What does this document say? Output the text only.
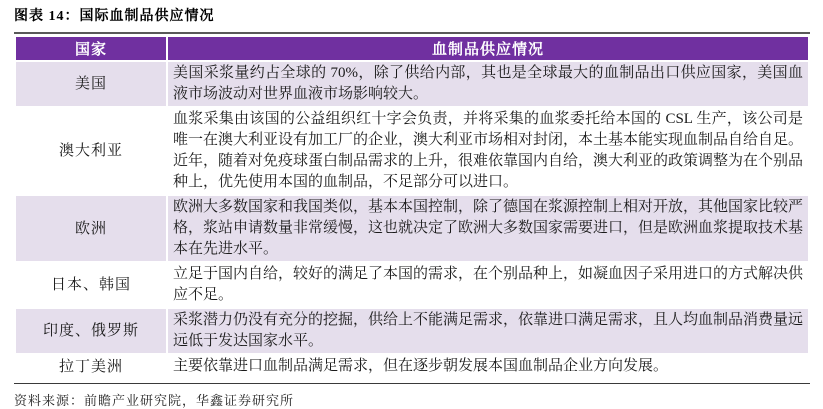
图表 14：国际血制品供应情况
国家	血制品供应情况
美国	美国采浆量约占全球的 70%，除了供给内部，其也是全球最大的血制品出口供应国家，美国血液市场波动对世界血液市场影响较大。
澳大利亚	血浆采集由该国的公益组织红十字会负责，并将采集的血浆委托给本国的 CSL 生产，该公司是唯一在澳大利亚设有加工厂的企业，澳大利亚市场相对封闭，本土基本能实现血制品自给自足。近年，随着对免疫球蛋白制品需求的上升，很难依靠国内自给，澳大利亚的政策调整为在个别品种上，优先使用本国的血制品，不足部分可以进口。
欧洲	欧洲大多数国家和我国类似，基本本国控制，除了德国在浆源控制上相对开放，其他国家比较严格，浆站申请数量非常缓慢，这也就决定了欧洲大多数国家需要进口，但是欧洲血浆提取技术基本在先进水平。
日本、韩国	立足于国内自给，较好的满足了本国的需求，在个别品种上，如凝血因子采用进口的方式解决供应不足。
印度、俄罗斯	采浆潜力仍没有充分的挖掘，供给上不能满足需求，依靠进口满足需求，且人均血制品消费量远远低于发达国家水平。
拉丁美洲	主要依靠进口血制品满足需求，但在逐步朝发展本国血制品企业方向发展。
资料来源：前瞻产业研究院，华鑫证券研究所
